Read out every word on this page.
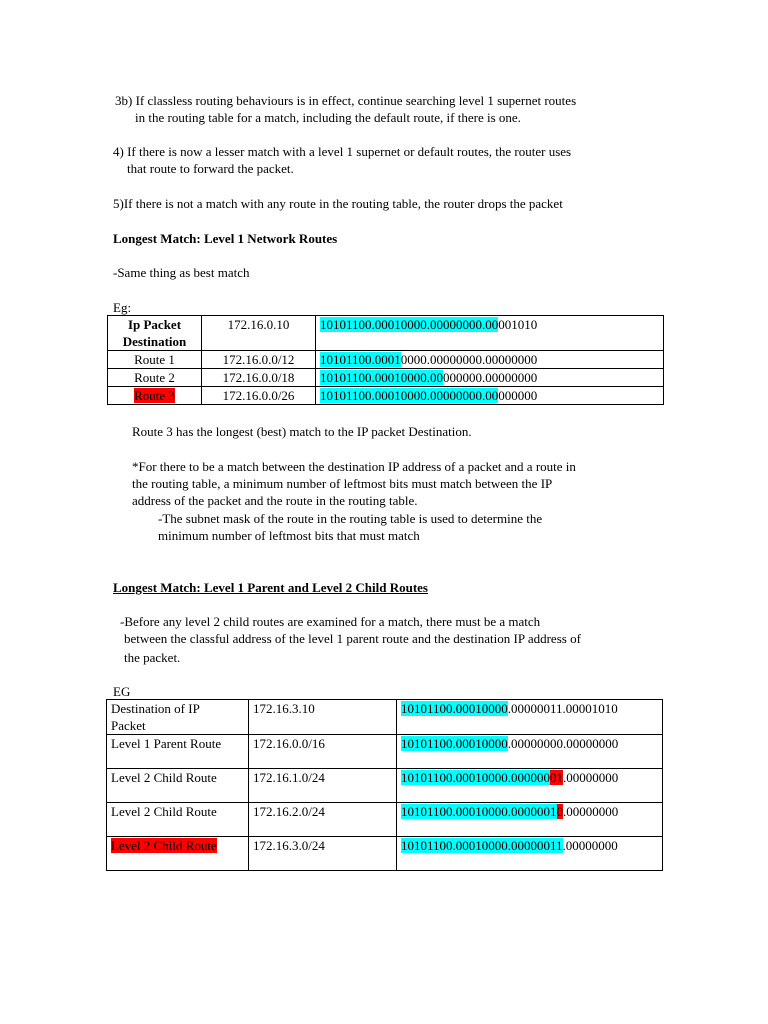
3b) If classless routing behaviours is in effect, continue searching level 1 supernet routes

in the routing table for a match, including the default route, if there is one.

4) If there is now a lesser match with a level 1 supernet or default routes, the router uses

that route to forward the packet.

5)If there is not a match with any route in the routing table, the router drops the packet

Longest Match: Level 1 Network Routes

-Same thing as best match

Eg:

Ip Packet
Destination	172.16.0.10	10101100.00010000.00000000.00001010
Route 1	172.16.0.0/12	10101100.00010000.00000000.00000000
Route 2	172.16.0.0/18	10101100.00010000.00000000.00000000
Route 3	172.16.0.0/26	10101100.00010000.00000000.00000000

Route 3 has the longest (best) match to the IP packet Destination.

*For there to be a match between the destination IP address of a packet and a route in

the routing table, a minimum number of leftmost bits must match between the IP

address of the packet and the route in the routing table.

-The subnet mask of the route in the routing table is used to determine the

minimum number of leftmost bits that must match

Longest Match: Level 1 Parent and Level 2 Child Routes

-Before any level 2 child routes are examined for a match, there must be a match

between the classful address of the level 1 parent route and the destination IP address of

the packet.

EG

Destination of IP
Packet	172.16.3.10	10101100.00010000.00000011.00001010
Level 1 Parent Route	172.16.0.0/16	10101100.00010000.00000000.00000000
Level 2 Child Route	172.16.1.0/24	10101100.00010000.00000001.00000000
Level 2 Child Route	172.16.2.0/24	10101100.00010000.00000010.00000000
Level 2 Child Route	172.16.3.0/24	10101100.00010000.00000011.00000000
